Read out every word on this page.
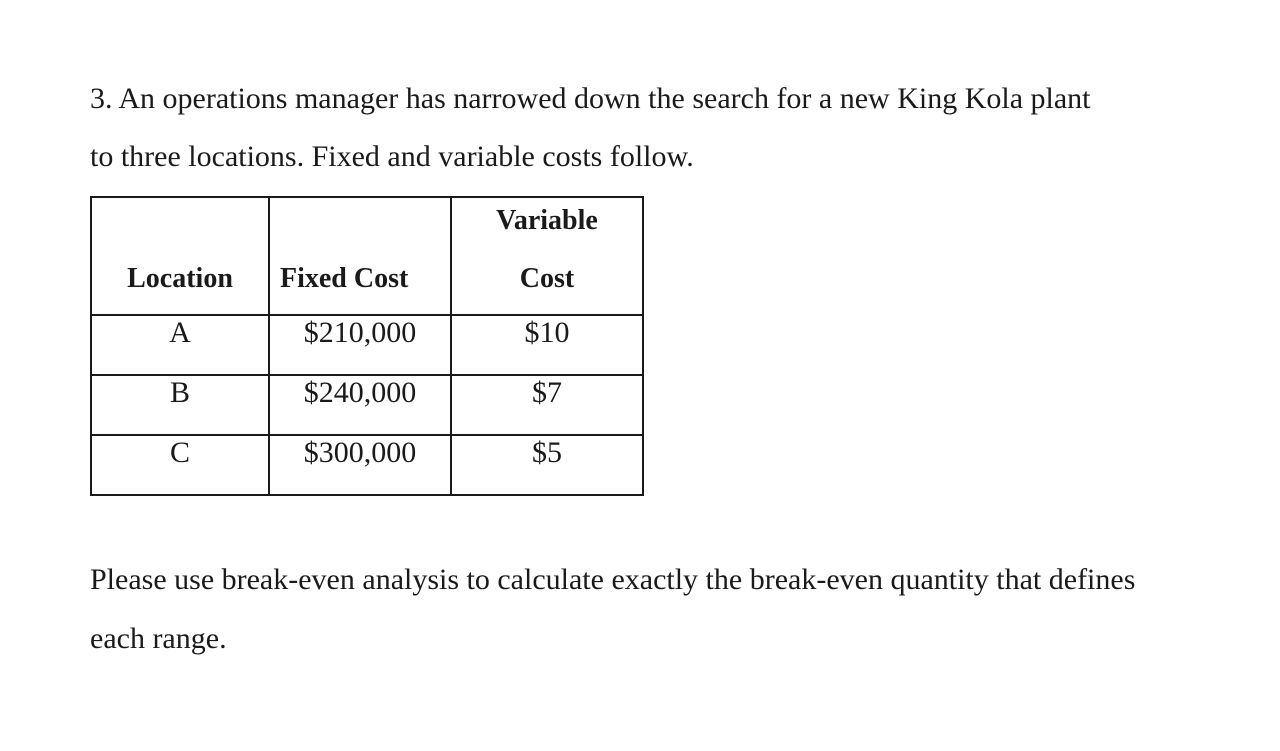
3. An operations manager has narrowed down the search for a new King Kola plant

to three locations. Fixed and variable costs follow.

Location	Fixed Cost	Variable
Cost

A	$210,000	$10

B	$240,000	$7

C	$300,000	$5

Please use break-even analysis to calculate exactly the break-even quantity that defines

each range.
